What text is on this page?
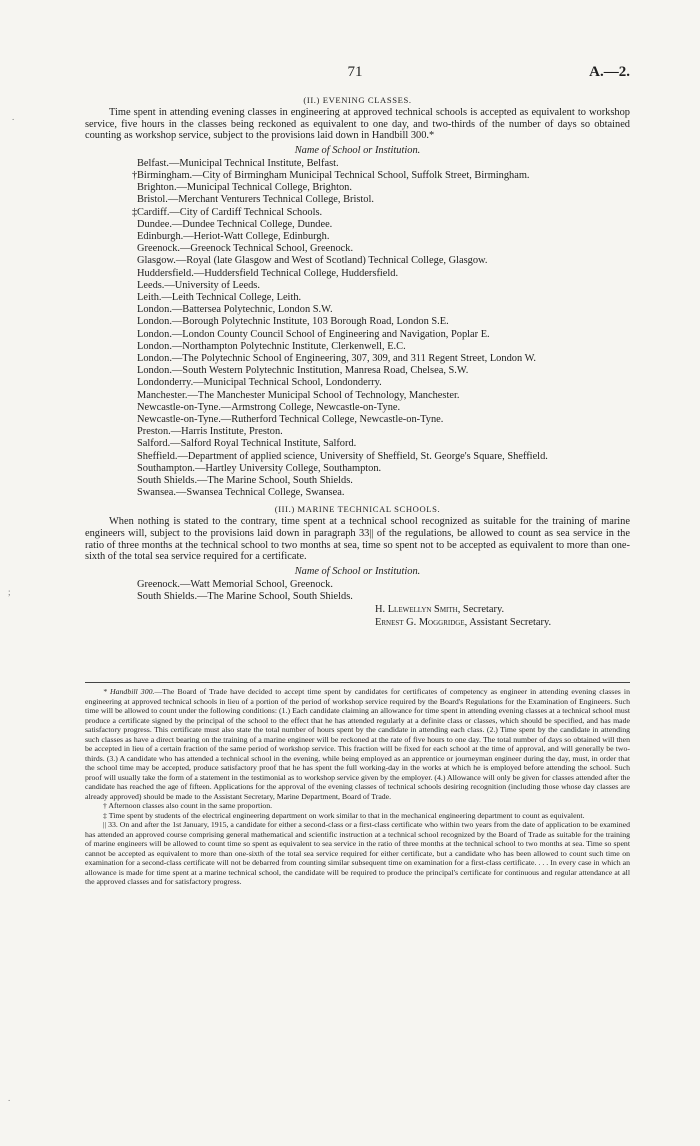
.
;
.
71	A.—2.

(II.) EVENING CLASSES.

Time spent in attending evening classes in engineering at approved technical schools is accepted as equivalent to workshop service, five hours in the classes being reckoned as equivalent to one day, and two-thirds of the number of days so obtained counting as workshop service, subject to the provisions laid down in Handbill 300.*

Name of School or Institution.

Belfast.—Municipal Technical Institute, Belfast.
†Birmingham.—City of Birmingham Municipal Technical School, Suffolk Street, Birmingham.
Brighton.—Municipal Technical College, Brighton.
Bristol.—Merchant Venturers Technical College, Bristol.
‡Cardiff.—City of Cardiff Technical Schools.
Dundee.—Dundee Technical College, Dundee.
Edinburgh.—Heriot-Watt College, Edinburgh.
Greenock.—Greenock Technical School, Greenock.
Glasgow.—Royal (late Glasgow and West of Scotland) Technical College, Glasgow.
Huddersfield.—Huddersfield Technical College, Huddersfield.
Leeds.—University of Leeds.
Leith.—Leith Technical College, Leith.
London.—Battersea Polytechnic, London S.W.
London.—Borough Polytechnic Institute, 103 Borough Road, London S.E.
London.—London County Council School of Engineering and Navigation, Poplar E.
London.—Northampton Polytechnic Institute, Clerkenwell, E.C.
London.—The Polytechnic School of Engineering, 307, 309, and 311 Regent Street, London W.
London.—South Western Polytechnic Institution, Manresa Road, Chelsea, S.W.
Londonderry.—Municipal Technical School, Londonderry.
Manchester.—The Manchester Municipal School of Technology, Manchester.
Newcastle-on-Tyne.—Armstrong College, Newcastle-on-Tyne.
Newcastle-on-Tyne.—Rutherford Technical College, Newcastle-on-Tyne.
Preston.—Harris Institute, Preston.
Salford.—Salford Royal Technical Institute, Salford.
Sheffield.—Department of applied science, University of Sheffield, St. George's Square, Sheffield.
Southampton.—Hartley University College, Southampton.
South Shields.—The Marine School, South Shields.
Swansea.—Swansea Technical College, Swansea.

(III.) MARINE TECHNICAL SCHOOLS.

When nothing is stated to the contrary, time spent at a technical school recognized as suitable for the training of marine engineers will, subject to the provisions laid down in paragraph 33|| of the regulations, be allowed to count as sea service in the ratio of three months at the technical school to two months at sea, time so spent not to be accepted as equivalent to more than one-sixth of the total sea service required for a certificate.

Name of School or Institution.

Greenock.—Watt Memorial School, Greenock.
South Shields.—The Marine School, South Shields.

H. Llewellyn Smith, Secretary.

Ernest G. Moggridge, Assistant Secretary.

* Handbill 300.—The Board of Trade have decided to accept time spent by candidates for certificates of competency as engineer in attending evening classes in engineering at approved technical schools in lieu of a portion of the period of workshop service required by the Board's Regulations for the Examination of Engineers. Such time will be allowed to count under the following conditions: (1.) Each candidate claiming an allowance for time spent in attending evening classes at a technical school must produce a certificate signed by the principal of the school to the effect that he has attended regularly at a definite class or classes, which should be specified, and has made satisfactory progress. This certificate must also state the total number of hours spent by the candidate in attending each class. (2.) Time spent by the candidate in attending such classes as have a direct bearing on the training of a marine engineer will be reckoned at the rate of five hours to one day. The total number of days so obtained will then be accepted in lieu of a certain fraction of the same period of workshop service. This fraction will be fixed for each school at the time of approval, and will generally be two-thirds. (3.) A candidate who has attended a technical school in the evening, while being employed as an apprentice or journeyman engineer during the day, must, in order that the school time may be accepted, produce satisfactory proof that he has spent the full working-day in the works at which he is employed before attending the school. Such proof will usually take the form of a statement in the testimonial as to workshop service given by the employer. (4.) Allowance will only be given for classes attended after the candidate has reached the age of fifteen. Applications for the approval of the evening classes of technical schools desiring recognition (including those whose day classes are already approved) should be made to the Assistant Secretary, Marine Department, Board of Trade.

† Afternoon classes also count in the same proportion.

‡ Time spent by students of the electrical engineering department on work similar to that in the mechanical engineering department to count as equivalent.

|| 33. On and after the 1st January, 1915, a candidate for either a second-class or a first-class certificate who within two years from the date of application to be examined has attended an approved course comprising general mathematical and scientific instruction at a technical school recognized by the Board of Trade as suitable for the training of marine engineers will be allowed to count time so spent as equivalent to sea service in the ratio of three months at the technical school to two months at sea. Time so spent cannot be accepted as equivalent to more than one-sixth of the total sea service required for either certificate, but a candidate who has been allowed to count such time on examination for a second-class certificate will not be debarred from counting similar subsequent time on examination for a first-class certificate. . . . In every case in which an allowance is made for time spent at a marine technical school, the candidate will be required to produce the principal's certificate for continuous and regular attendance at all the approved classes and for satisfactory progress.
